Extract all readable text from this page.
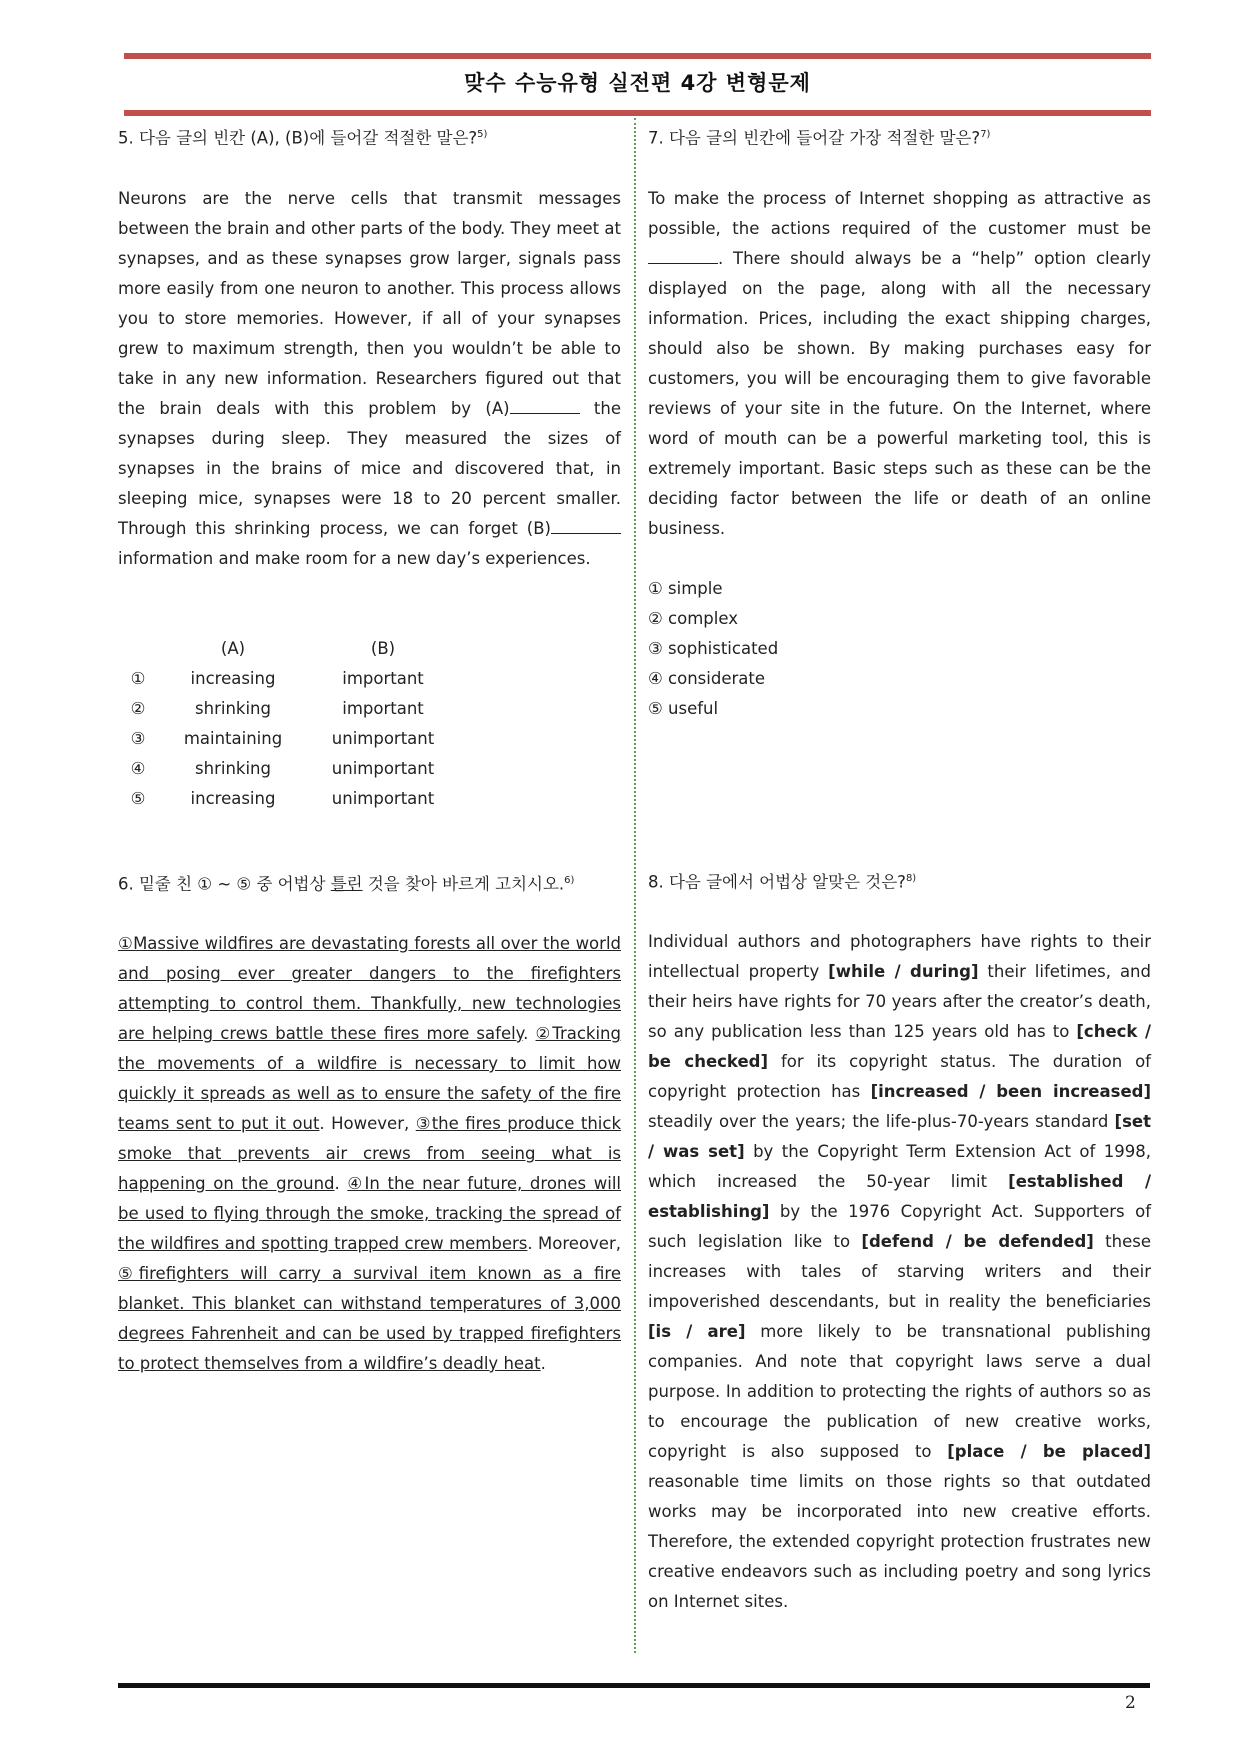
맞수 수능유형 실전편 4강 변형문제

5. 다음 글의 빈칸 (A), (B)에 들어갈 적절한 말은?$^{5)}$

Neurons are the nerve cells that transmit messages between the brain and other parts of the body. They meet at synapses, and as these synapses grow larger, signals pass more easily from one neuron to another. This process allows you to store memories. However, if all of your synapses grew to maximum strength, then you wouldn’t be able to take in any new information. Researchers figured out that the brain deals with this problem by (A)	the synapses during sleep. They measured the sizes of synapses in the brains of mice and discovered that, in sleeping mice, synapses were 18 to 20 percent smaller. Through this shrinking process, we can forget (B) information and make room for a new day’s experiences.

	(A)	(B)
①	increasing	important
②	shrinking	important
③	maintaining	unimportant
④	shrinking	unimportant
⑤	increasing	unimportant

6. 밑줄 친 ① ~ ⑤ 중 어법상 틀린 것을 찾아 바르게 고치시오.$^{6)}$

①Massive wildfires are devastating forests all over the world and posing ever greater dangers to the firefighters attempting to control them. Thankfully, new technologies are helping crews battle these fires more safely. ②Tracking the movements of a wildfire is necessary to limit how quickly it spreads as well as to ensure the safety of the fire teams sent to put it out. However, ③the fires produce thick smoke that prevents air crews from seeing what is happening on the ground. ④In the near future, drones will be used to flying through the smoke, tracking the spread of the wildfires and spotting trapped crew members. Moreover, ⑤firefighters will carry a survival item known as a fire blanket. This blanket can withstand temperatures of 3,000 degrees Fahrenheit and can be used by trapped firefighters to protect themselves from a wildfire’s deadly heat.

7. 다음 글의 빈칸에 들어갈 가장 적절한 말은?$^{7)}$

To make the process of Internet shopping as attractive as possible, the actions required of the customer must be . There should always be a “help” option clearly displayed on the page, along with all the necessary information. Prices, including the exact shipping charges, should also be shown. By making purchases easy for customers, you will be encouraging them to give favorable reviews of your site in the future. On the Internet, where word of mouth can be a powerful marketing tool, this is extremely important. Basic steps such as these can be the deciding factor between the life or death of an online business.

① simple
② complex
③ sophisticated
④ considerate
⑤ useful

8. 다음 글에서 어법상 알맞은 것은?$^{8)}$

Individual authors and photographers have rights to their intellectual property [while / during] their lifetimes, and their heirs have rights for 70 years after the creator’s death, so any publication less than 125 years old has to [check / be checked] for its copyright status. The duration of copyright protection has [increased / been increased] steadily over the years; the life-plus-70-years standard [set / was set] by the Copyright Term Extension Act of 1998, which increased the 50-year limit [established / establishing] by the 1976 Copyright Act. Supporters of such legislation like to [defend / be defended] these increases with tales of starving writers and their impoverished descendants, but in reality the beneficiaries [is / are] more likely to be transnational publishing companies. And note that copyright laws serve a dual purpose. In addition to protecting the rights of authors so as to encourage the publication of new creative works, copyright is also supposed to [place / be placed] reasonable time limits on those rights so that outdated works may be incorporated into new creative efforts. Therefore, the extended copyright protection frustrates new creative endeavors such as including poetry and song lyrics on Internet sites.

2
